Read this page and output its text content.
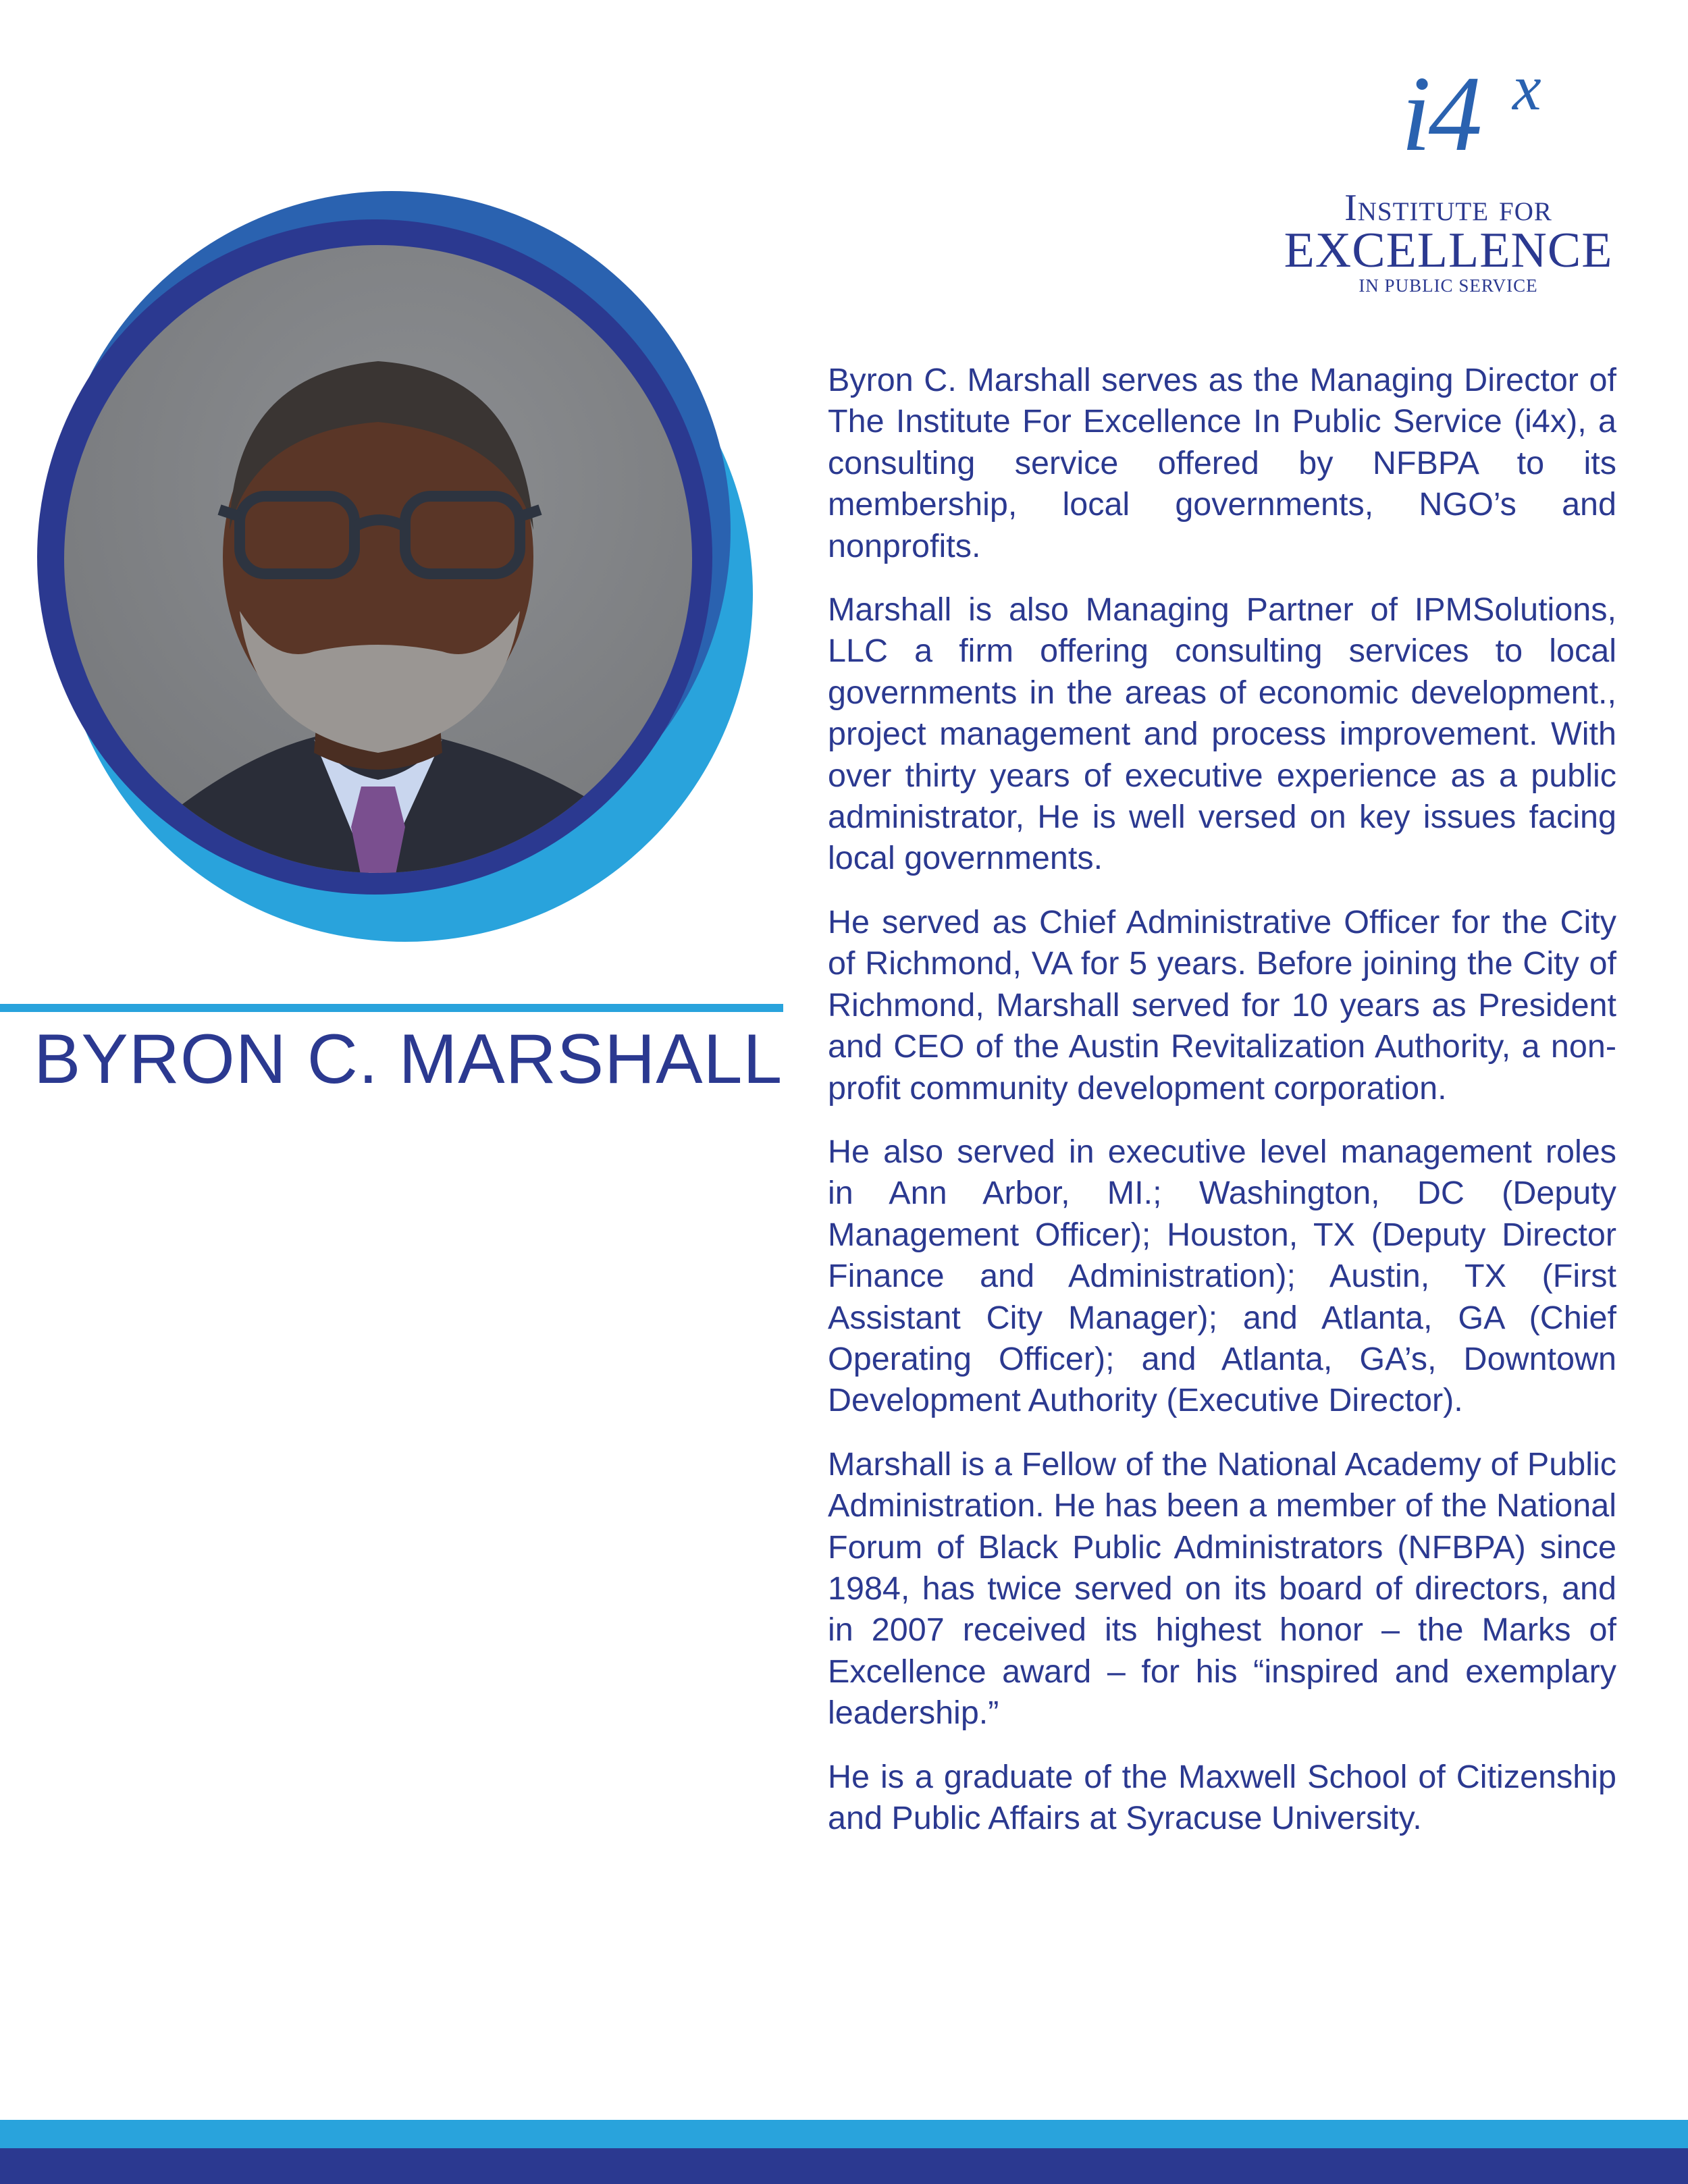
i4 x
Institute for
EXCELLENCE
IN PUBLIC SERVICE
BYRON C. MARSHALL

Byron C. Marshall serves as the Managing Director of The Institute For Excellence In Public Service (i4x), a consulting service offered by NFBPA to its membership, local governments, NGO’s and nonprofits.

Marshall is also Managing Partner of IPMSolutions, LLC a firm offering consulting services to local governments in the areas of economic development., project management and process improvement. With over thirty years of executive experience as a public administrator, He is well versed on key issues facing local governments.

He served as Chief Administrative Officer for the City of Richmond, VA for 5 years. Before joining the City of Richmond, Marshall served for 10 years as President and CEO of the Austin Revitalization Authority, a non-profit community development corporation.

He also served in executive level management roles in Ann Arbor, MI.; Washington, DC (Deputy Management Officer); Houston, TX (Deputy Director Finance and Administration); Austin, TX (First Assistant City Manager); and Atlanta, GA (Chief Operating Officer); and Atlanta, GA’s, Downtown Development Authority (Executive Director).

Marshall is a Fellow of the National Academy of Public Administration. He has been a member of the National Forum of Black Public Administrators (NFBPA) since 1984, has twice served on its board of directors, and in 2007 received its highest honor – the Marks of Excellence award – for his “inspired and exemplary leadership.”

He is a graduate of the Maxwell School of Citizenship and Public Affairs at Syracuse University.
